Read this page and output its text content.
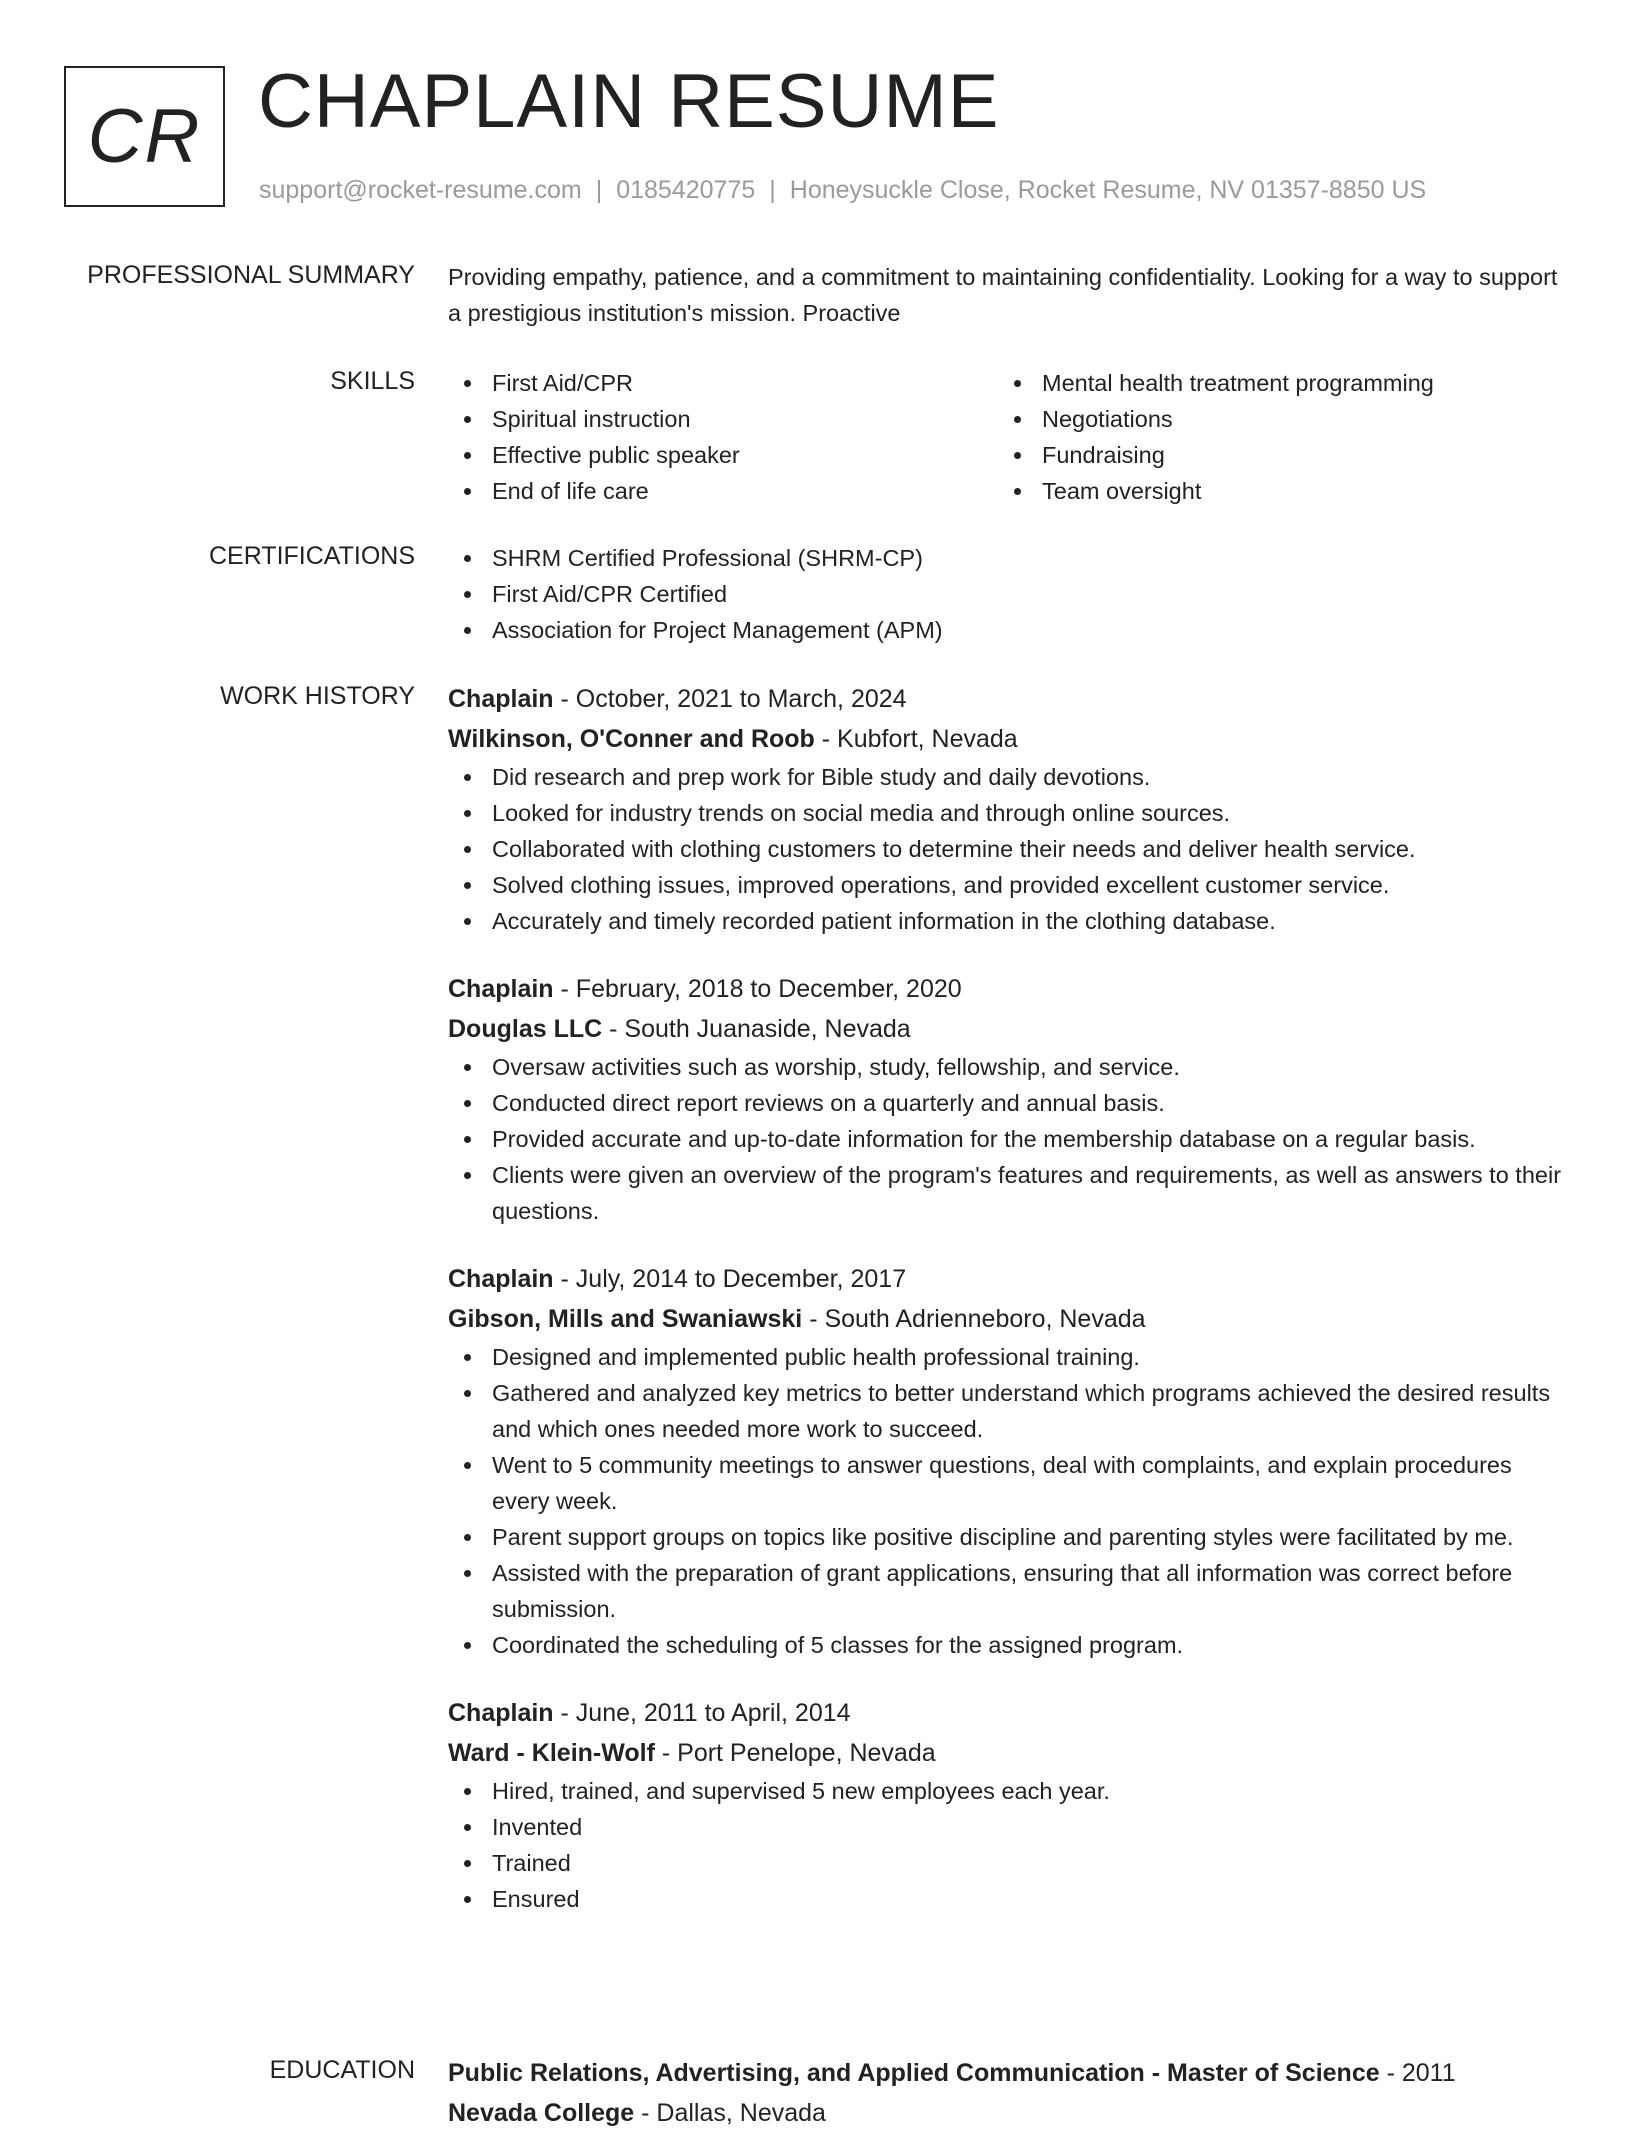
CR CHAPLAIN RESUME
support@rocket-resume.com | 0185420775 | Honeysuckle Close, Rocket Resume, NV 01357-8850 US
PROFESSIONAL SUMMARY Providing empathy, patience, and a commitment to maintaining confidentiality. Looking for a way to support a prestigious institution's mission. Proactive

SKILLS	First Aid/CPR
Spiritual instruction
Effective public speaker
End of life care
Mental health treatment programming
Negotiations
Fundraising
Team oversight
CERTIFICATIONS	SHRM Certified Professional (SHRM-CP)
First Aid/CPR Certified
Association for Project Management (APM)
WORK HISTORY Chaplain - October, 2021 to March, 2024
Wilkinson, O'Conner and Roob - Kubfort, Nevada
Did research and prep work for Bible study and daily devotions.
Looked for industry trends on social media and through online sources.
Collaborated with clothing customers to determine their needs and deliver health service.
Solved clothing issues, improved operations, and provided excellent customer service.
Accurately and timely recorded patient information in the clothing database.
Chaplain - February, 2018 to December, 2020
Douglas LLC - South Juanaside, Nevada
Oversaw activities such as worship, study, fellowship, and service.
Conducted direct report reviews on a quarterly and annual basis.
Provided accurate and up-to-date information for the membership database on a regular basis.
Clients were given an overview of the program's features and requirements, as well as answers to their questions.
Chaplain - July, 2014 to December, 2017
Gibson, Mills and Swaniawski - South Adrienneboro, Nevada
Designed and implemented public health professional training.
Gathered and analyzed key metrics to better understand which programs achieved the desired results and which ones needed more work to succeed.
Went to 5 community meetings to answer questions, deal with complaints, and explain procedures every week.
Parent support groups on topics like positive discipline and parenting styles were facilitated by me.
Assisted with the preparation of grant applications, ensuring that all information was correct before submission.
Coordinated the scheduling of 5 classes for the assigned program.
Chaplain - June, 2011 to April, 2014
Ward - Klein-Wolf - Port Penelope, Nevada
Hired, trained, and supervised 5 new employees each year.
Invented
Trained
Ensured
EDUCATION Public Relations, Advertising, and Applied Communication - Master of Science - 2011
Nevada College - Dallas, Nevada
